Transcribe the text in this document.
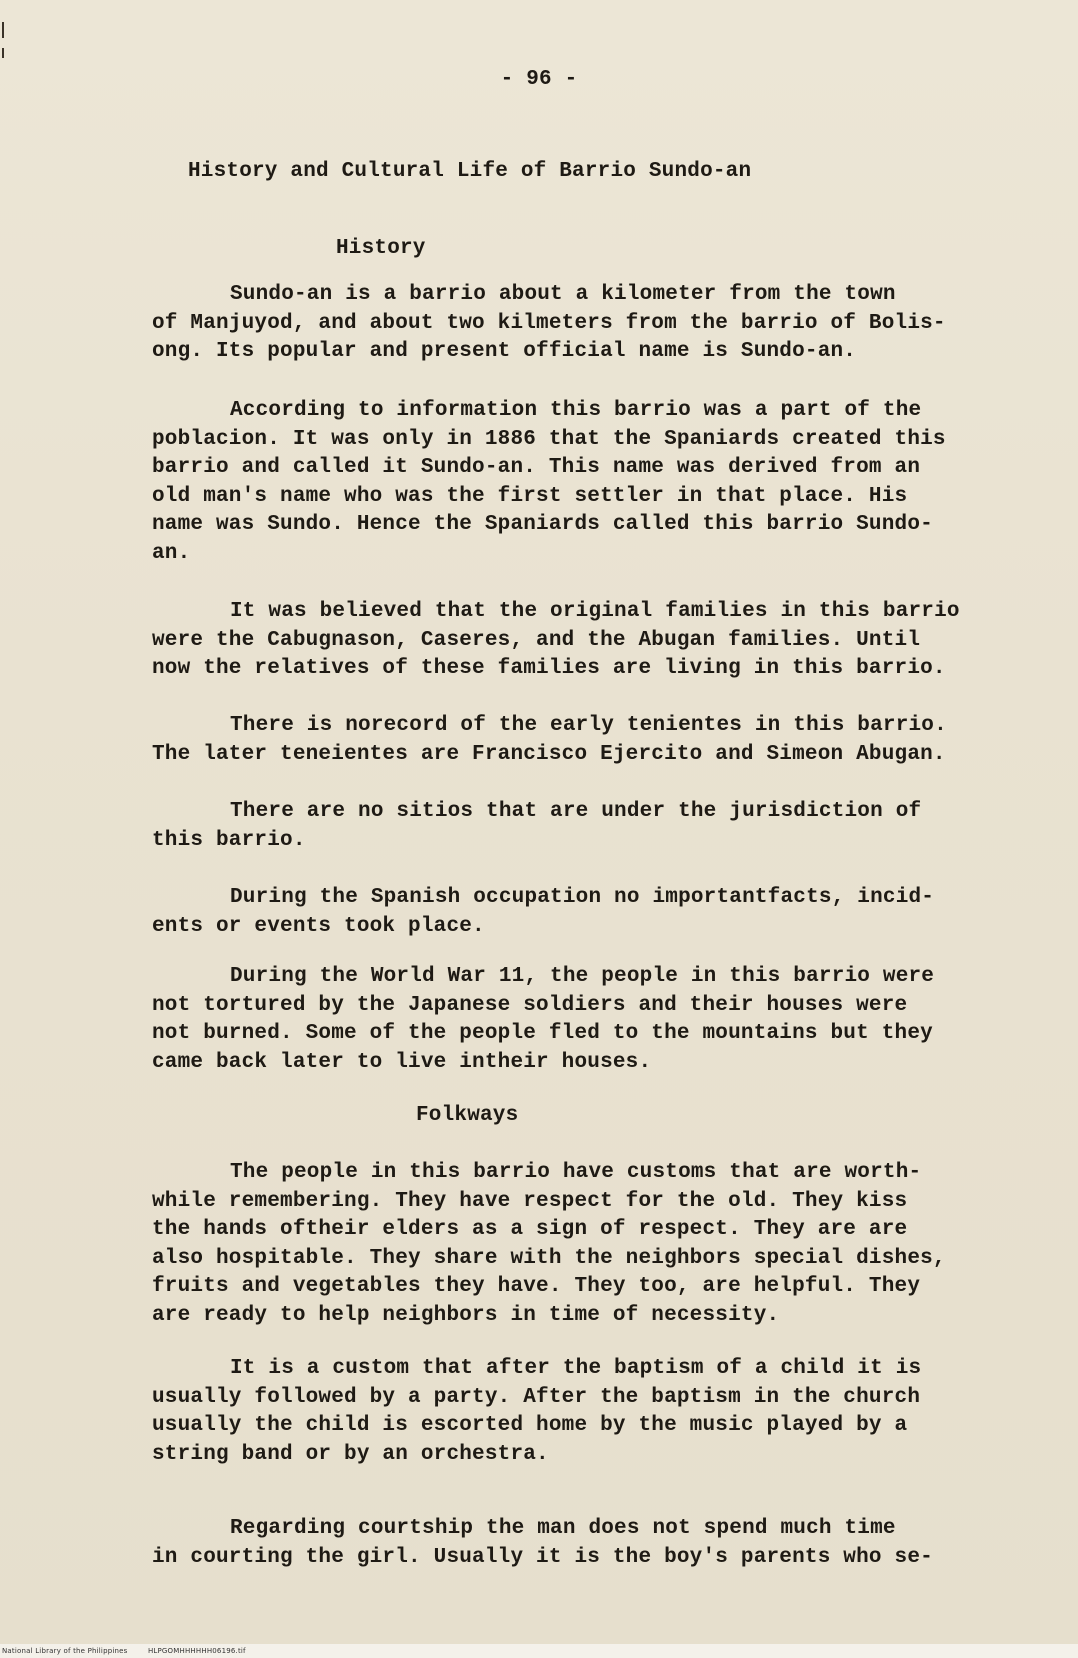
- 96 -
History and Cultural Life of Barrio Sundo-an
History
Sundo-an is a barrio about a kilometer from the town
of Manjuyod, and about two kilmeters from the barrio of Bolis-
ong. Its popular and present official name is Sundo-an.
According to information this barrio was a part of the
poblacion. It was only in 1886 that the Spaniards created this
barrio and called it Sundo-an. This name was derived from an
old man's name who was the first settler in that place. His
name was Sundo. Hence the Spaniards called this barrio Sundo-
an.
It was believed that the original families in this barrio
were the Cabugnason, Caseres, and the Abugan families. Until
now the relatives of these families are living in this barrio.
There is norecord of the early tenientes in this barrio.
The later teneientes are Francisco Ejercito and Simeon Abugan.
There are no sitios that are under the jurisdiction of
this barrio.
During the Spanish occupation no importantfacts, incid-
ents or events took place.
During the World War 11, the people in this barrio were
not tortured by the Japanese soldiers and their houses were
not burned. Some of the people fled to the mountains but they
came back later to live intheir houses.
Folkways
The people in this barrio have customs that are worth-
while remembering. They have respect for the old. They kiss
the hands oftheir elders as a sign of respect. They are are
also hospitable. They share with the neighbors special dishes,
fruits and vegetables they have. They too, are helpful. They
are ready to help neighbors in time of necessity.
It is a custom that after the baptism of a child it is
usually followed by a party. After the baptism in the church
usually the child is escorted home by the music played by a
string band or by an orchestra.
Regarding courtship the man does not spend much time
in courting the girl. Usually it is the boy's parents who se-
National Library of the Philippines	HLPGOMHHHHHH06196.tif
